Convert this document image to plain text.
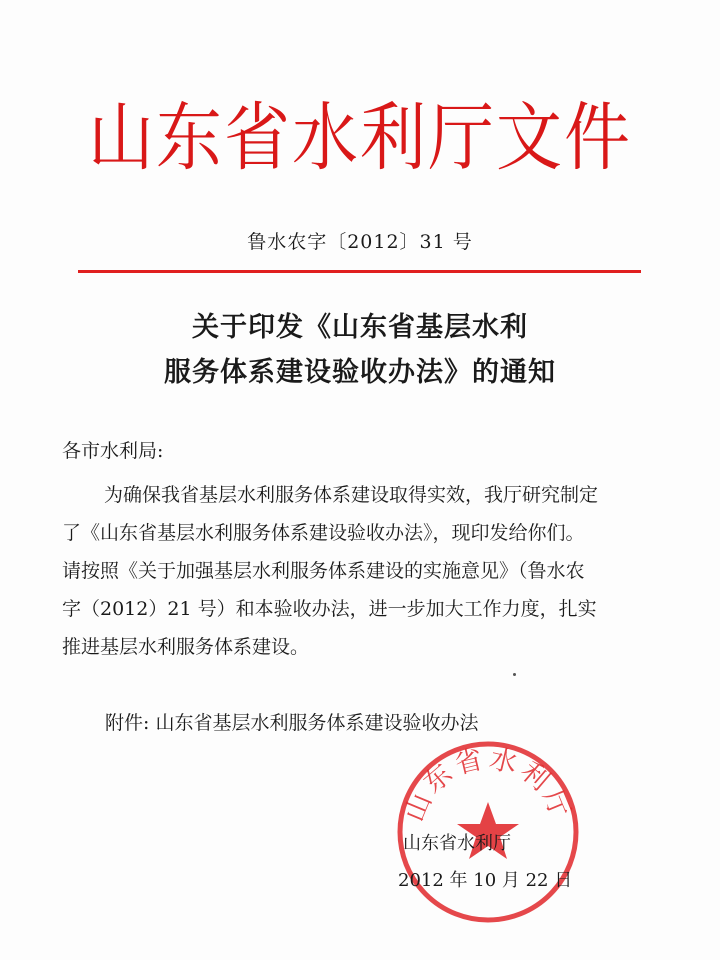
山东省水利厅文件
鲁水农字〔2012〕31 号
关于印发《山东省基层水利
服务体系建设验收办法》的通知
各市水利局:
为确保我省基层水利服务体系建设取得实效，我厅研究制定
了《山东省基层水利服务体系建设验收办法》，现印发给你们。
请按照《关于加强基层水利服务体系建设的实施意见》（鲁水农
字（2012）21 号）和本验收办法，进一步加大工作力度，扎实
推进基层水利服务体系建设。
附件: 山东省基层水利服务体系建设验收办法
山东省水利厅
山东省水利厅
2012 年 10 月 22 日
